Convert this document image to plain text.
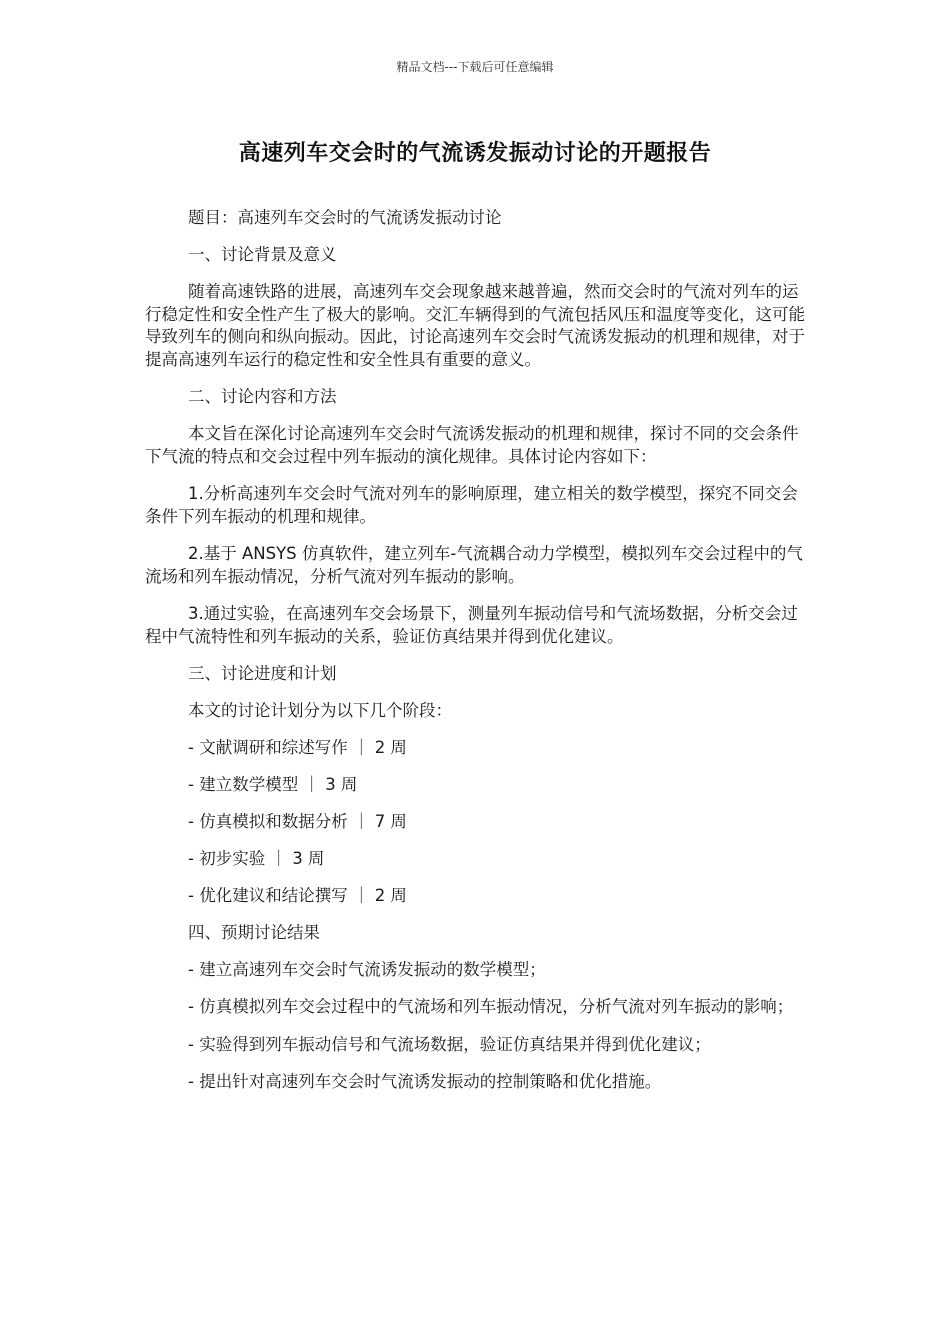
精品文档---下载后可任意编辑

高速列车交会时的气流诱发振动讨论的开题报告

题目：高速列车交会时的气流诱发振动讨论

一、讨论背景及意义

随着高速铁路的进展，高速列车交会现象越来越普遍，然而交会时的气流对列车的运行稳定性和安全性产生了极大的影响。交汇车辆得到的气流包括风压和温度等变化，这可能导致列车的侧向和纵向振动。因此，讨论高速列车交会时气流诱发振动的机理和规律，对于提高高速列车运行的稳定性和安全性具有重要的意义。

二、讨论内容和方法

本文旨在深化讨论高速列车交会时气流诱发振动的机理和规律，探讨不同的交会条件下气流的特点和交会过程中列车振动的演化规律。具体讨论内容如下：

1.分析高速列车交会时气流对列车的影响原理，建立相关的数学模型，探究不同交会条件下列车振动的机理和规律。

2.基于 ANSYS 仿真软件，建立列车-气流耦合动力学模型，模拟列车交会过程中的气流场和列车振动情况，分析气流对列车振动的影响。

3.通过实验，在高速列车交会场景下，测量列车振动信号和气流场数据，分析交会过程中气流特性和列车振动的关系，验证仿真结果并得到优化建议。

三、讨论进度和计划

本文的讨论计划分为以下几个阶段：

- 文献调研和综述写作 ｜ 2 周

- 建立数学模型 ｜ 3 周

- 仿真模拟和数据分析 ｜ 7 周

- 初步实验 ｜ 3 周

- 优化建议和结论撰写 ｜ 2 周

四、预期讨论结果

- 建立高速列车交会时气流诱发振动的数学模型；

- 仿真模拟列车交会过程中的气流场和列车振动情况，分析气流对列车振动的影响；

- 实验得到列车振动信号和气流场数据，验证仿真结果并得到优化建议；

- 提出针对高速列车交会时气流诱发振动的控制策略和优化措施。
